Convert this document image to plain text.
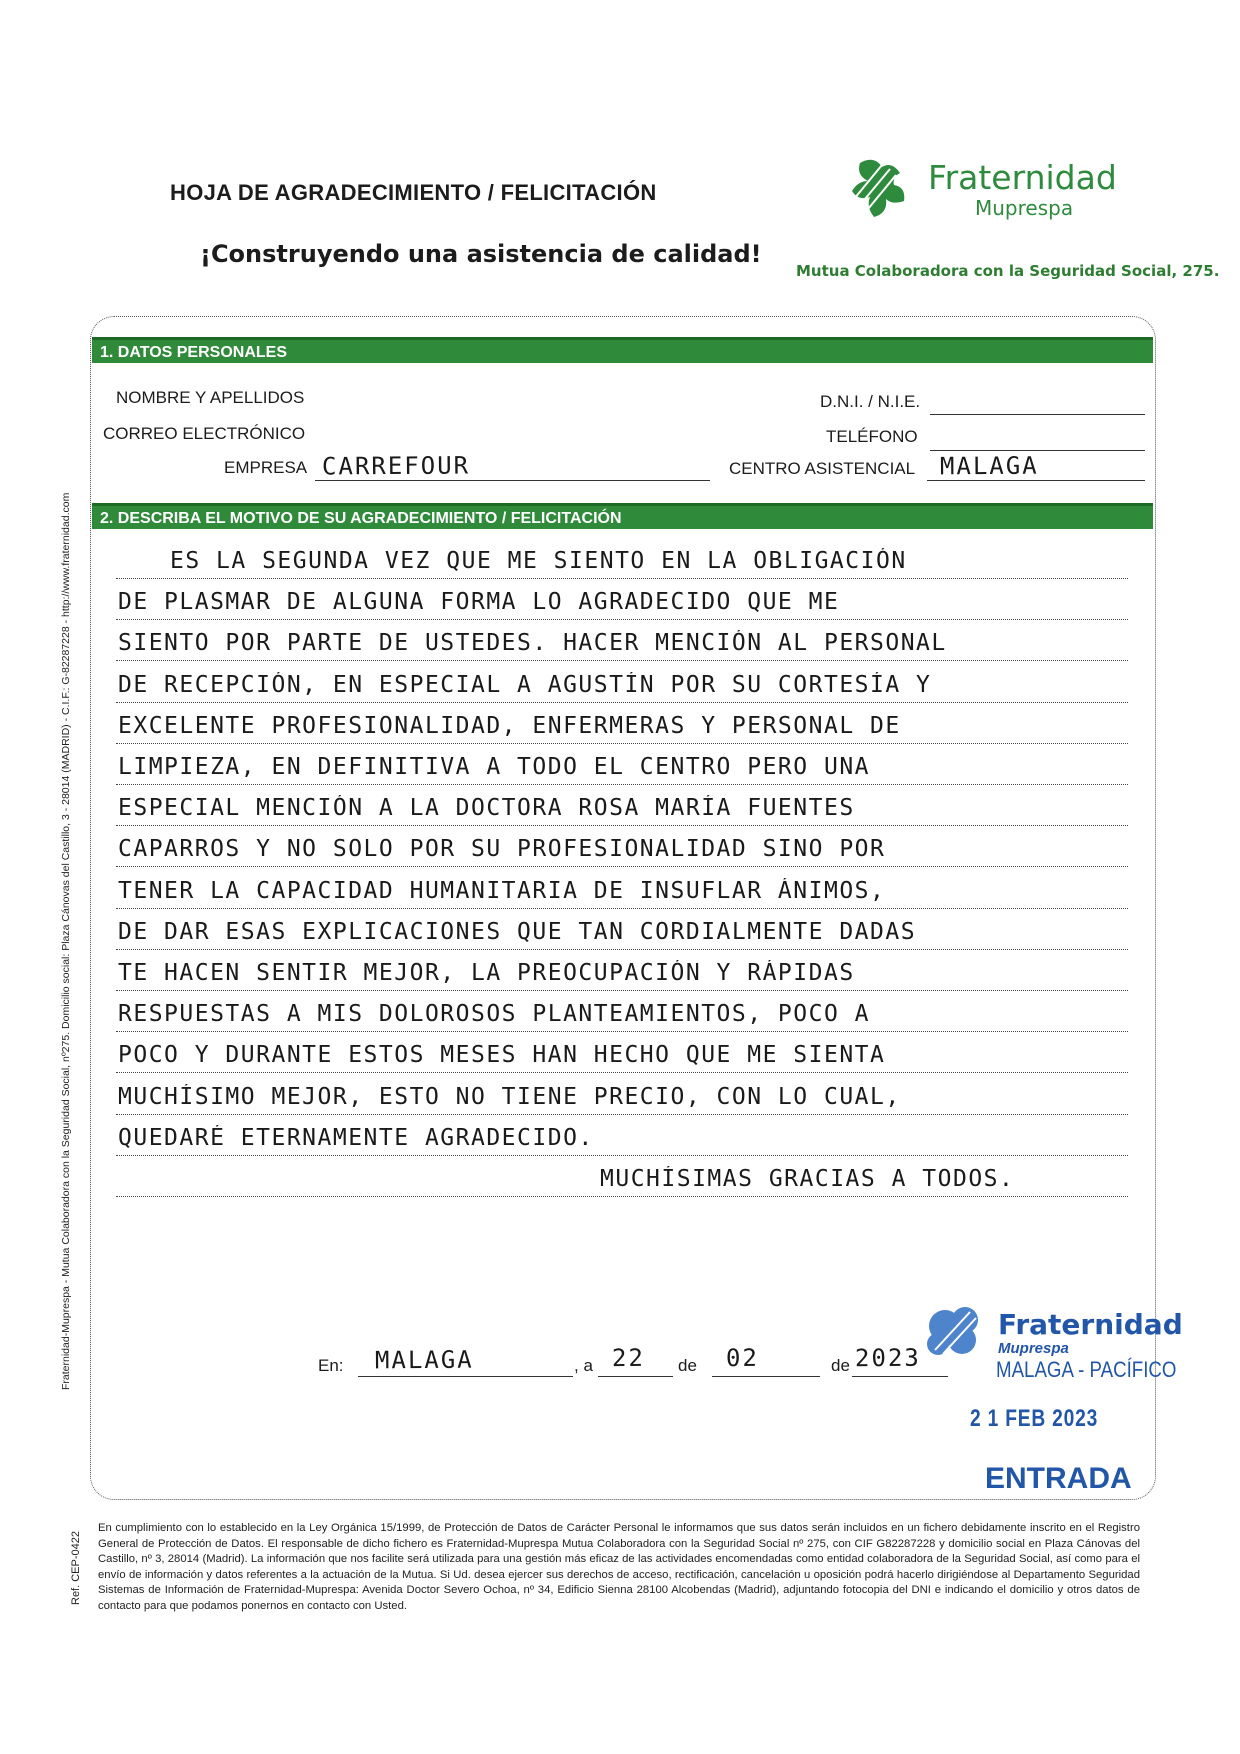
HOJA DE AGRADECIMIENTO / FELICITACIÓN
¡Construyendo una asistencia de calidad!
Fraternidad
Muprespa
Mutua Colaboradora con la Seguridad Social, 275.
1. DATOS PERSONALES
NOMBRE Y APELLIDOS	D.N.I. / N.I.E.
CORREO ELECTRÓNICO	TELÉFONO
EMPRESA CARREFOUR	CENTRO ASISTENCIAL MALAGA
2. DESCRIBA EL MOTIVO DE SU AGRADECIMIENTO / FELICITACIÓN
ES LA SEGUNDA VEZ QUE ME SIENTO EN LA OBLIGACIÓN
DE PLASMAR DE ALGUNA FORMA LO AGRADECIDO QUE ME
SIENTO POR PARTE DE USTEDES. HACER MENCIÓN AL PERSONAL
DE RECEPCIÓN, EN ESPECIAL A AGUSTÍN POR SU CORTESÍA Y
EXCELENTE PROFESIONALIDAD, ENFERMERAS Y PERSONAL DE
LIMPIEZA, EN DEFINITIVA A TODO EL CENTRO PERO UNA
ESPECIAL MENCIÓN A LA DOCTORA ROSA MARÍA FUENTES
CAPARROS Y NO SOLO POR SU PROFESIONALIDAD SINO POR
TENER LA CAPACIDAD HUMANITARIA DE INSUFLAR ÁNIMOS,
DE DAR ESAS EXPLICACIONES QUE TAN CORDIALMENTE DADAS
TE HACEN SENTIR MEJOR, LA PREOCUPACIÓN Y RÁPIDAS
RESPUESTAS A MIS DOLOROSOS PLANTEAMIENTOS, POCO A
POCO Y DURANTE ESTOS MESES HAN HECHO QUE ME SIENTA
MUCHÍSIMO MEJOR, ESTO NO TIENE PRECIO, CON LO CUAL,
QUEDARÉ ETERNAMENTE AGRADECIDO.
MUCHÍSIMAS GRACIAS A TODOS.
En: MALAGA	, a 22 de 02	de 2023
Fraternidad
Muprespa
MALAGA - PACÍFICO
2 1 FEB 2023
ENTRADA
En cumplimiento con lo establecido en la Ley Orgánica 15/1999, de Protección de Datos de Carácter Personal le informamos que sus datos serán incluidos en un fichero debidamente inscrito en el Registro General de Protección de Datos. El responsable de dicho fichero es Fraternidad-Muprespa Mutua Colaboradora con la Seguridad Social nº 275, con CIF G82287228 y domicilio social en Plaza Cánovas del Castillo, nº 3, 28014 (Madrid). La información que nos facilite será utilizada para una gestión más eficaz de las actividades encomendadas como entidad colaboradora de la Seguridad Social, así como para el envío de información y datos referentes a la actuación de la Mutua. Si Ud. desea ejercer sus derechos de acceso, rectificación, cancelación u oposición podrá hacerlo dirigiéndose al Departamento Seguridad Sistemas de Información de Fraternidad-Muprespa: Avenida Doctor Severo Ochoa, nº 34, Edificio Sienna 28100 Alcobendas (Madrid), adjuntando fotocopia del DNI e indicando el domicilio y otros datos de contacto para que podamos ponernos en contacto con Usted.
Fraternidad-Muprespa - Mutua Colaboradora con la Seguridad Social, nº275. Domicilio social: Plaza Cánovas del Castillo, 3 - 28014 (MADRID) - C.I.F.: G-82287228 - http://www.fraternidad.com
Ref. CEP-0422
